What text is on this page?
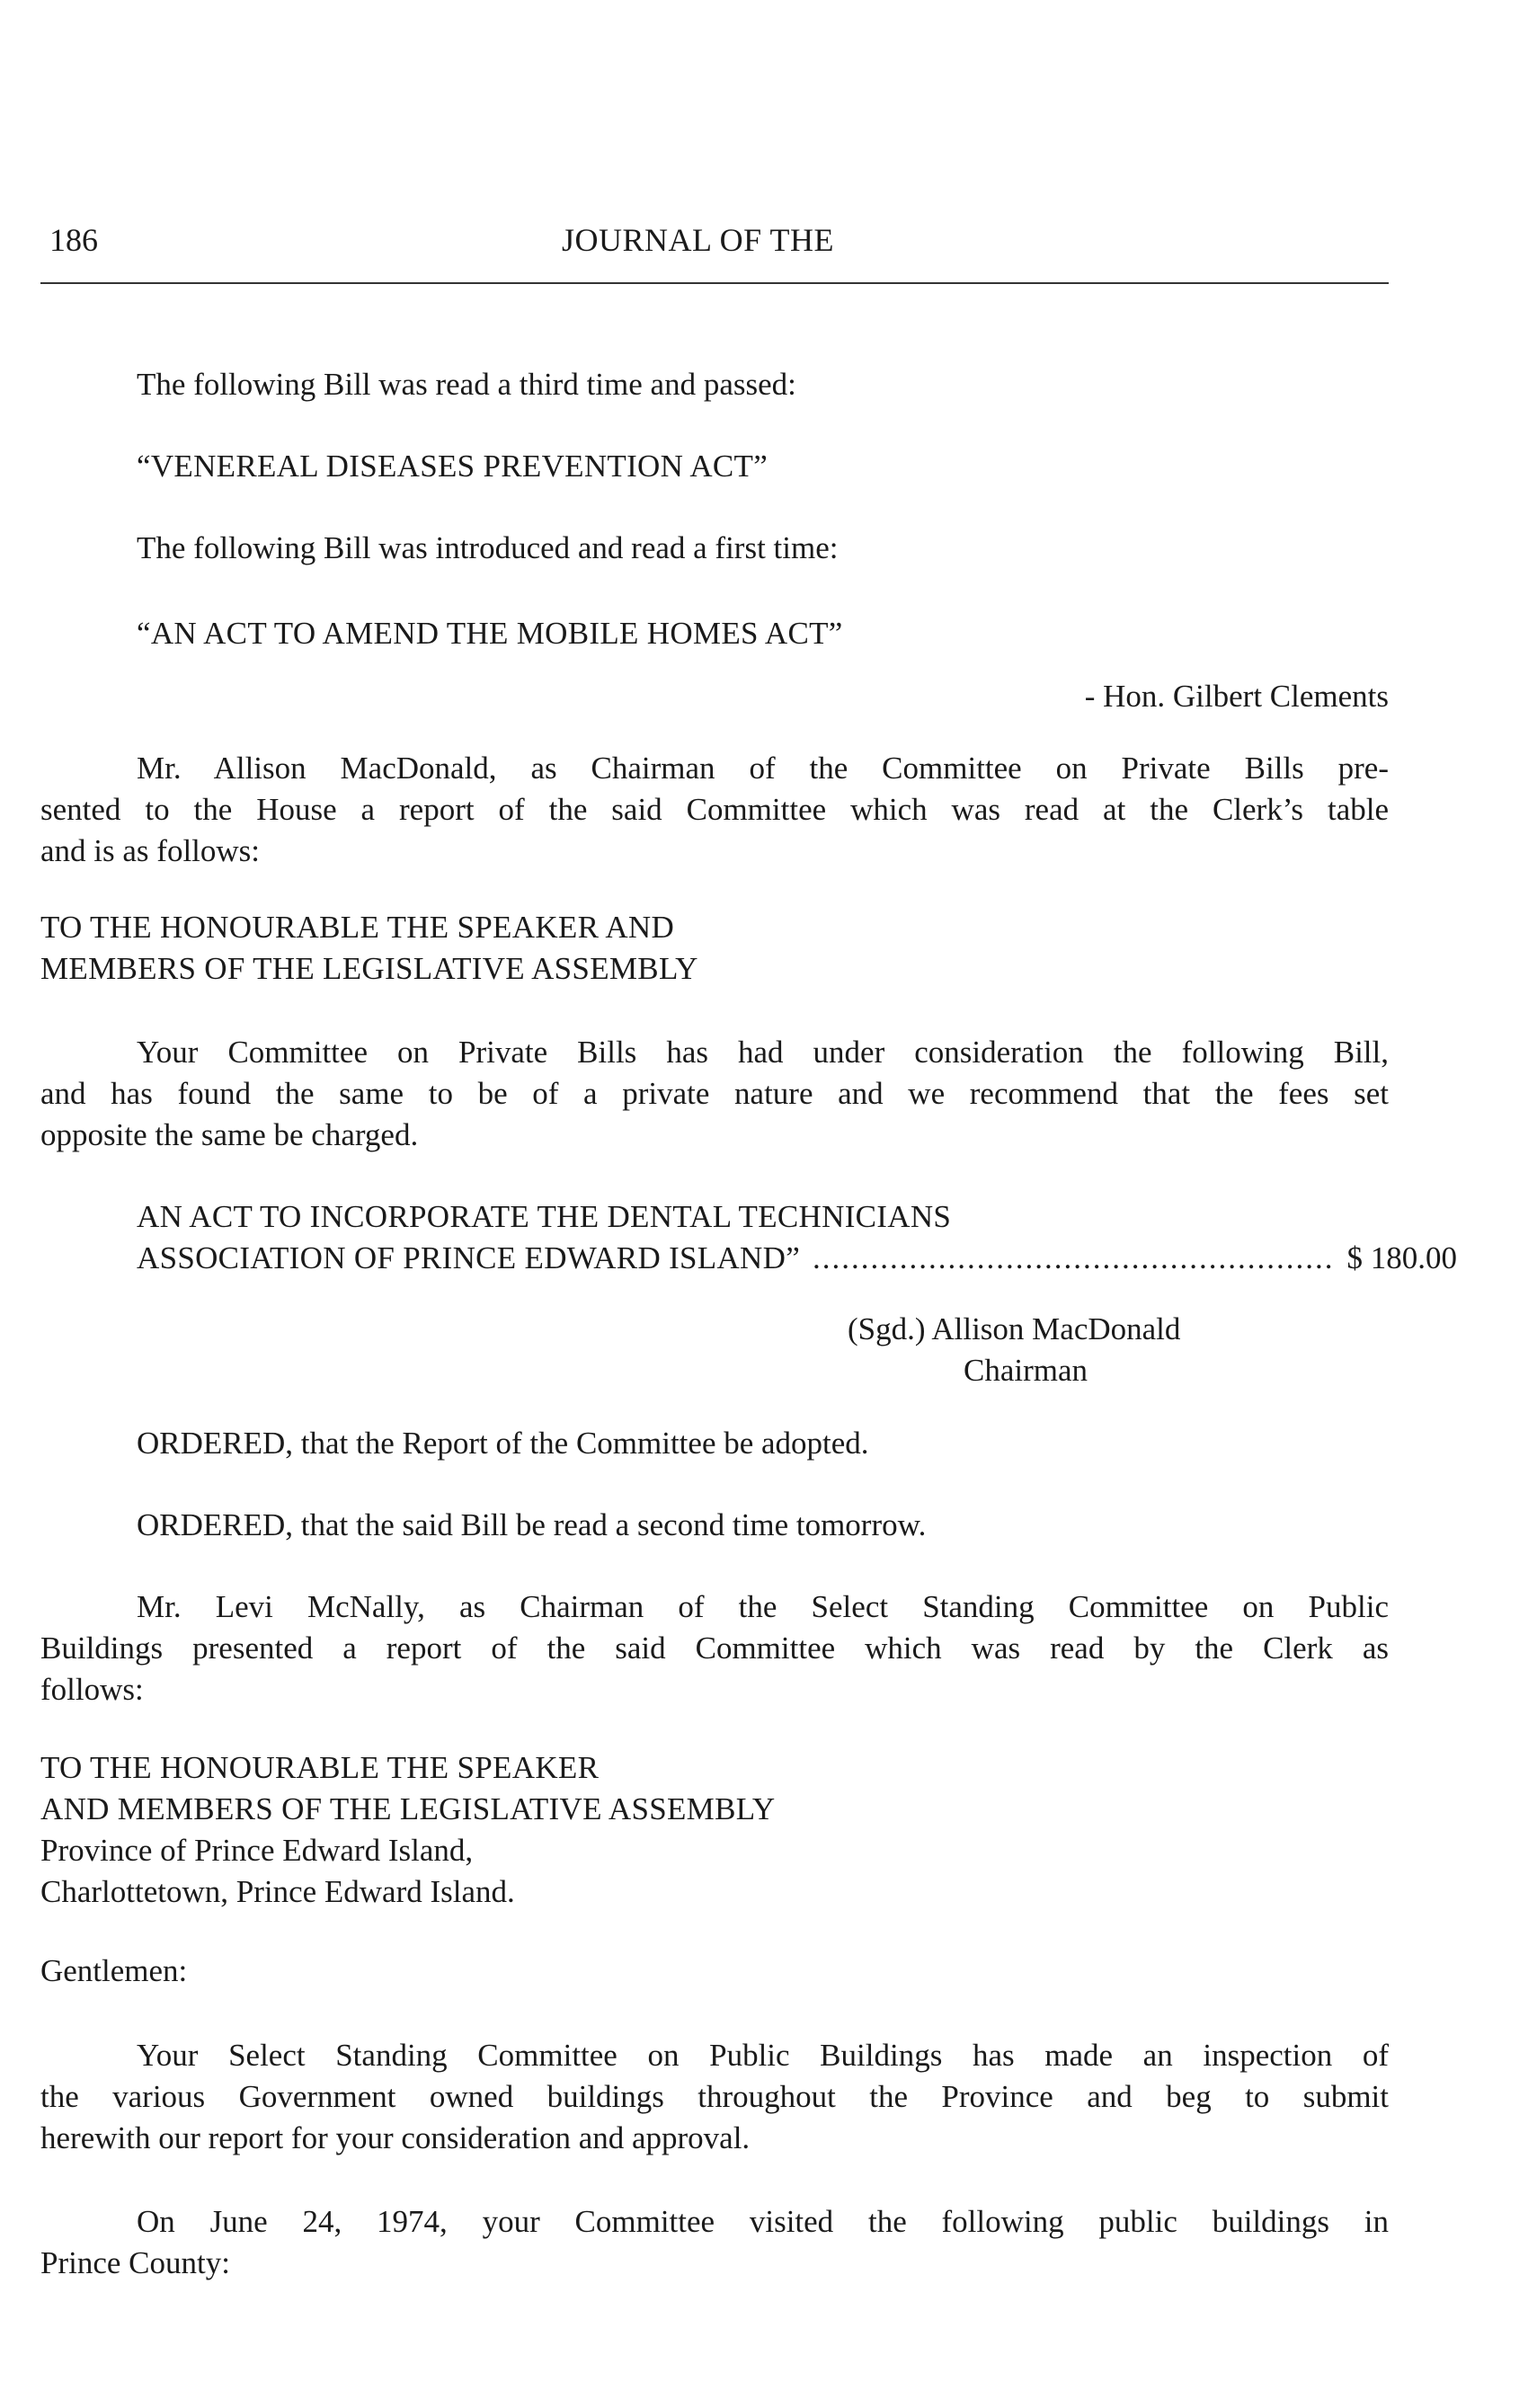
186	JOURNAL OF THE
The following Bill was read a third time and passed:
“VENEREAL DISEASES PREVENTION ACT”
The following Bill was introduced and read a first time:
“AN ACT TO AMEND THE MOBILE HOMES ACT”
- Hon. Gilbert Clements
Mr. Allison MacDonald, as Chairman of the Committee on Private Bills pre-
sented to the House a report of the said Committee which was read at the Clerk’s table
and is as follows:
TO THE HONOURABLE THE SPEAKER AND
MEMBERS OF THE LEGISLATIVE ASSEMBLY
Your Committee on Private Bills has had under consideration the following Bill,
and has found the same to be of a private nature and we recommend that the fees set
opposite the same be charged.
AN ACT TO INCORPORATE THE DENTAL TECHNICIANS
ASSOCIATION OF PRINCE EDWARD ISLAND” ...................................................... $ 180.00
(Sgd.) Allison MacDonald
Chairman
ORDERED, that the Report of the Committee be adopted.
ORDERED, that the said Bill be read a second time tomorrow.
Mr. Levi McNally, as Chairman of the Select Standing Committee on Public
Buildings presented a report of the said Committee which was read by the Clerk as
follows:
TO THE HONOURABLE THE SPEAKER
AND MEMBERS OF THE LEGISLATIVE ASSEMBLY
Province of Prince Edward Island,
Charlottetown, Prince Edward Island.
Gentlemen:
Your Select Standing Committee on Public Buildings has made an inspection of
the various Government owned buildings throughout the Province and beg to submit
herewith our report for your consideration and approval.
On June 24, 1974, your Committee visited the following public buildings in
Prince County:
